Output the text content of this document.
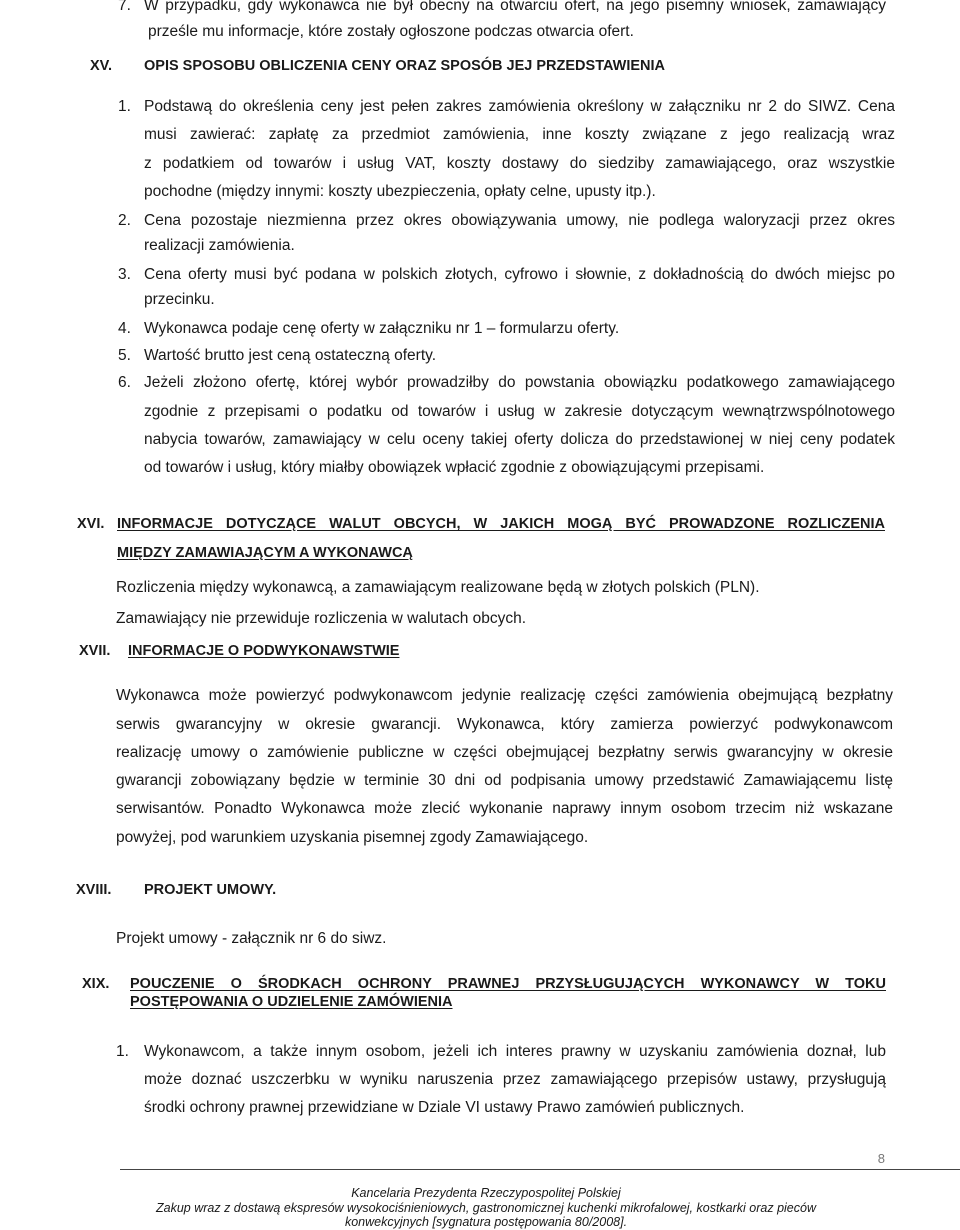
7. W przypadku, gdy wykonawca nie był obecny na otwarciu ofert, na jego pisemny wniosek, zamawiający
prześle mu informacje, które zostały ogłoszone podczas otwarcia ofert.
XV. OPIS SPOSOBU OBLICZENIA CENY ORAZ SPOSÓB JEJ PRZEDSTAWIENIA
1. Podstawą do określenia ceny jest pełen zakres zamówienia określony w załączniku nr 2 do SIWZ. Cena
musi zawierać: zapłatę za przedmiot zamówienia, inne koszty związane z jego realizacją wraz
z podatkiem od towarów i usług VAT, koszty dostawy do siedziby zamawiającego, oraz wszystkie
pochodne (między innymi: koszty ubezpieczenia, opłaty celne, upusty itp.).
2. Cena pozostaje niezmienna przez okres obowiązywania umowy, nie podlega waloryzacji przez okres
realizacji zamówienia.
3. Cena oferty musi być podana w polskich złotych, cyfrowo i słownie, z dokładnością do dwóch miejsc po
przecinku.
4. Wykonawca podaje cenę oferty w załączniku nr 1 – formularzu oferty.
5. Wartość brutto jest ceną ostateczną oferty.
6. Jeżeli złożono ofertę, której wybór prowadziłby do powstania obowiązku podatkowego zamawiającego
zgodnie z przepisami o podatku od towarów i usług w zakresie dotyczącym wewnątrzwspólnotowego
nabycia towarów, zamawiający w celu oceny takiej oferty dolicza do przedstawionej w niej ceny podatek
od towarów i usług, który miałby obowiązek wpłacić zgodnie z obowiązującymi przepisami.
XVI. INFORMACJE DOTYCZĄCE WALUT OBCYCH, W JAKICH MOGĄ BYĆ PROWADZONE ROZLICZENIA
MIĘDZY ZAMAWIAJĄCYM A WYKONAWCĄ
Rozliczenia między wykonawcą, a zamawiającym realizowane będą w złotych polskich (PLN).
Zamawiający nie przewiduje rozliczenia w walutach obcych.
XVII. INFORMACJE O PODWYKONAWSTWIE
Wykonawca może powierzyć podwykonawcom jedynie realizację części zamówienia obejmującą bezpłatny
serwis gwarancyjny w okresie gwarancji. Wykonawca, który zamierza powierzyć podwykonawcom
realizację umowy o zamówienie publiczne w części obejmującej bezpłatny serwis gwarancyjny w okresie
gwarancji zobowiązany będzie w terminie 30 dni od podpisania umowy przedstawić Zamawiającemu listę
serwisantów. Ponadto Wykonawca może zlecić wykonanie naprawy innym osobom trzecim niż wskazane
powyżej, pod warunkiem uzyskania pisemnej zgody Zamawiającego.
XVIII. PROJEKT UMOWY.
Projekt umowy - załącznik nr 6 do siwz.
XIX. POUCZENIE O ŚRODKACH OCHRONY PRAWNEJ PRZYSŁUGUJĄCYCH WYKONAWCY W TOKU
POSTĘPOWANIA O UDZIELENIE ZAMÓWIENIA
1. Wykonawcom, a także innym osobom, jeżeli ich interes prawny w uzyskaniu zamówienia doznał, lub
może doznać uszczerbku w wyniku naruszenia przez zamawiającego przepisów ustawy, przysługują
środki ochrony prawnej przewidziane w Dziale VI ustawy Prawo zamówień publicznych.
8
Kancelaria Prezydenta Rzeczypospolitej Polskiej
Zakup wraz z dostawą ekspresów wysokociśnieniowych, gastronomicznej kuchenki mikrofalowej, kostkarki oraz pieców
konwekcyjnych [sygnatura postępowania 80/2008].
